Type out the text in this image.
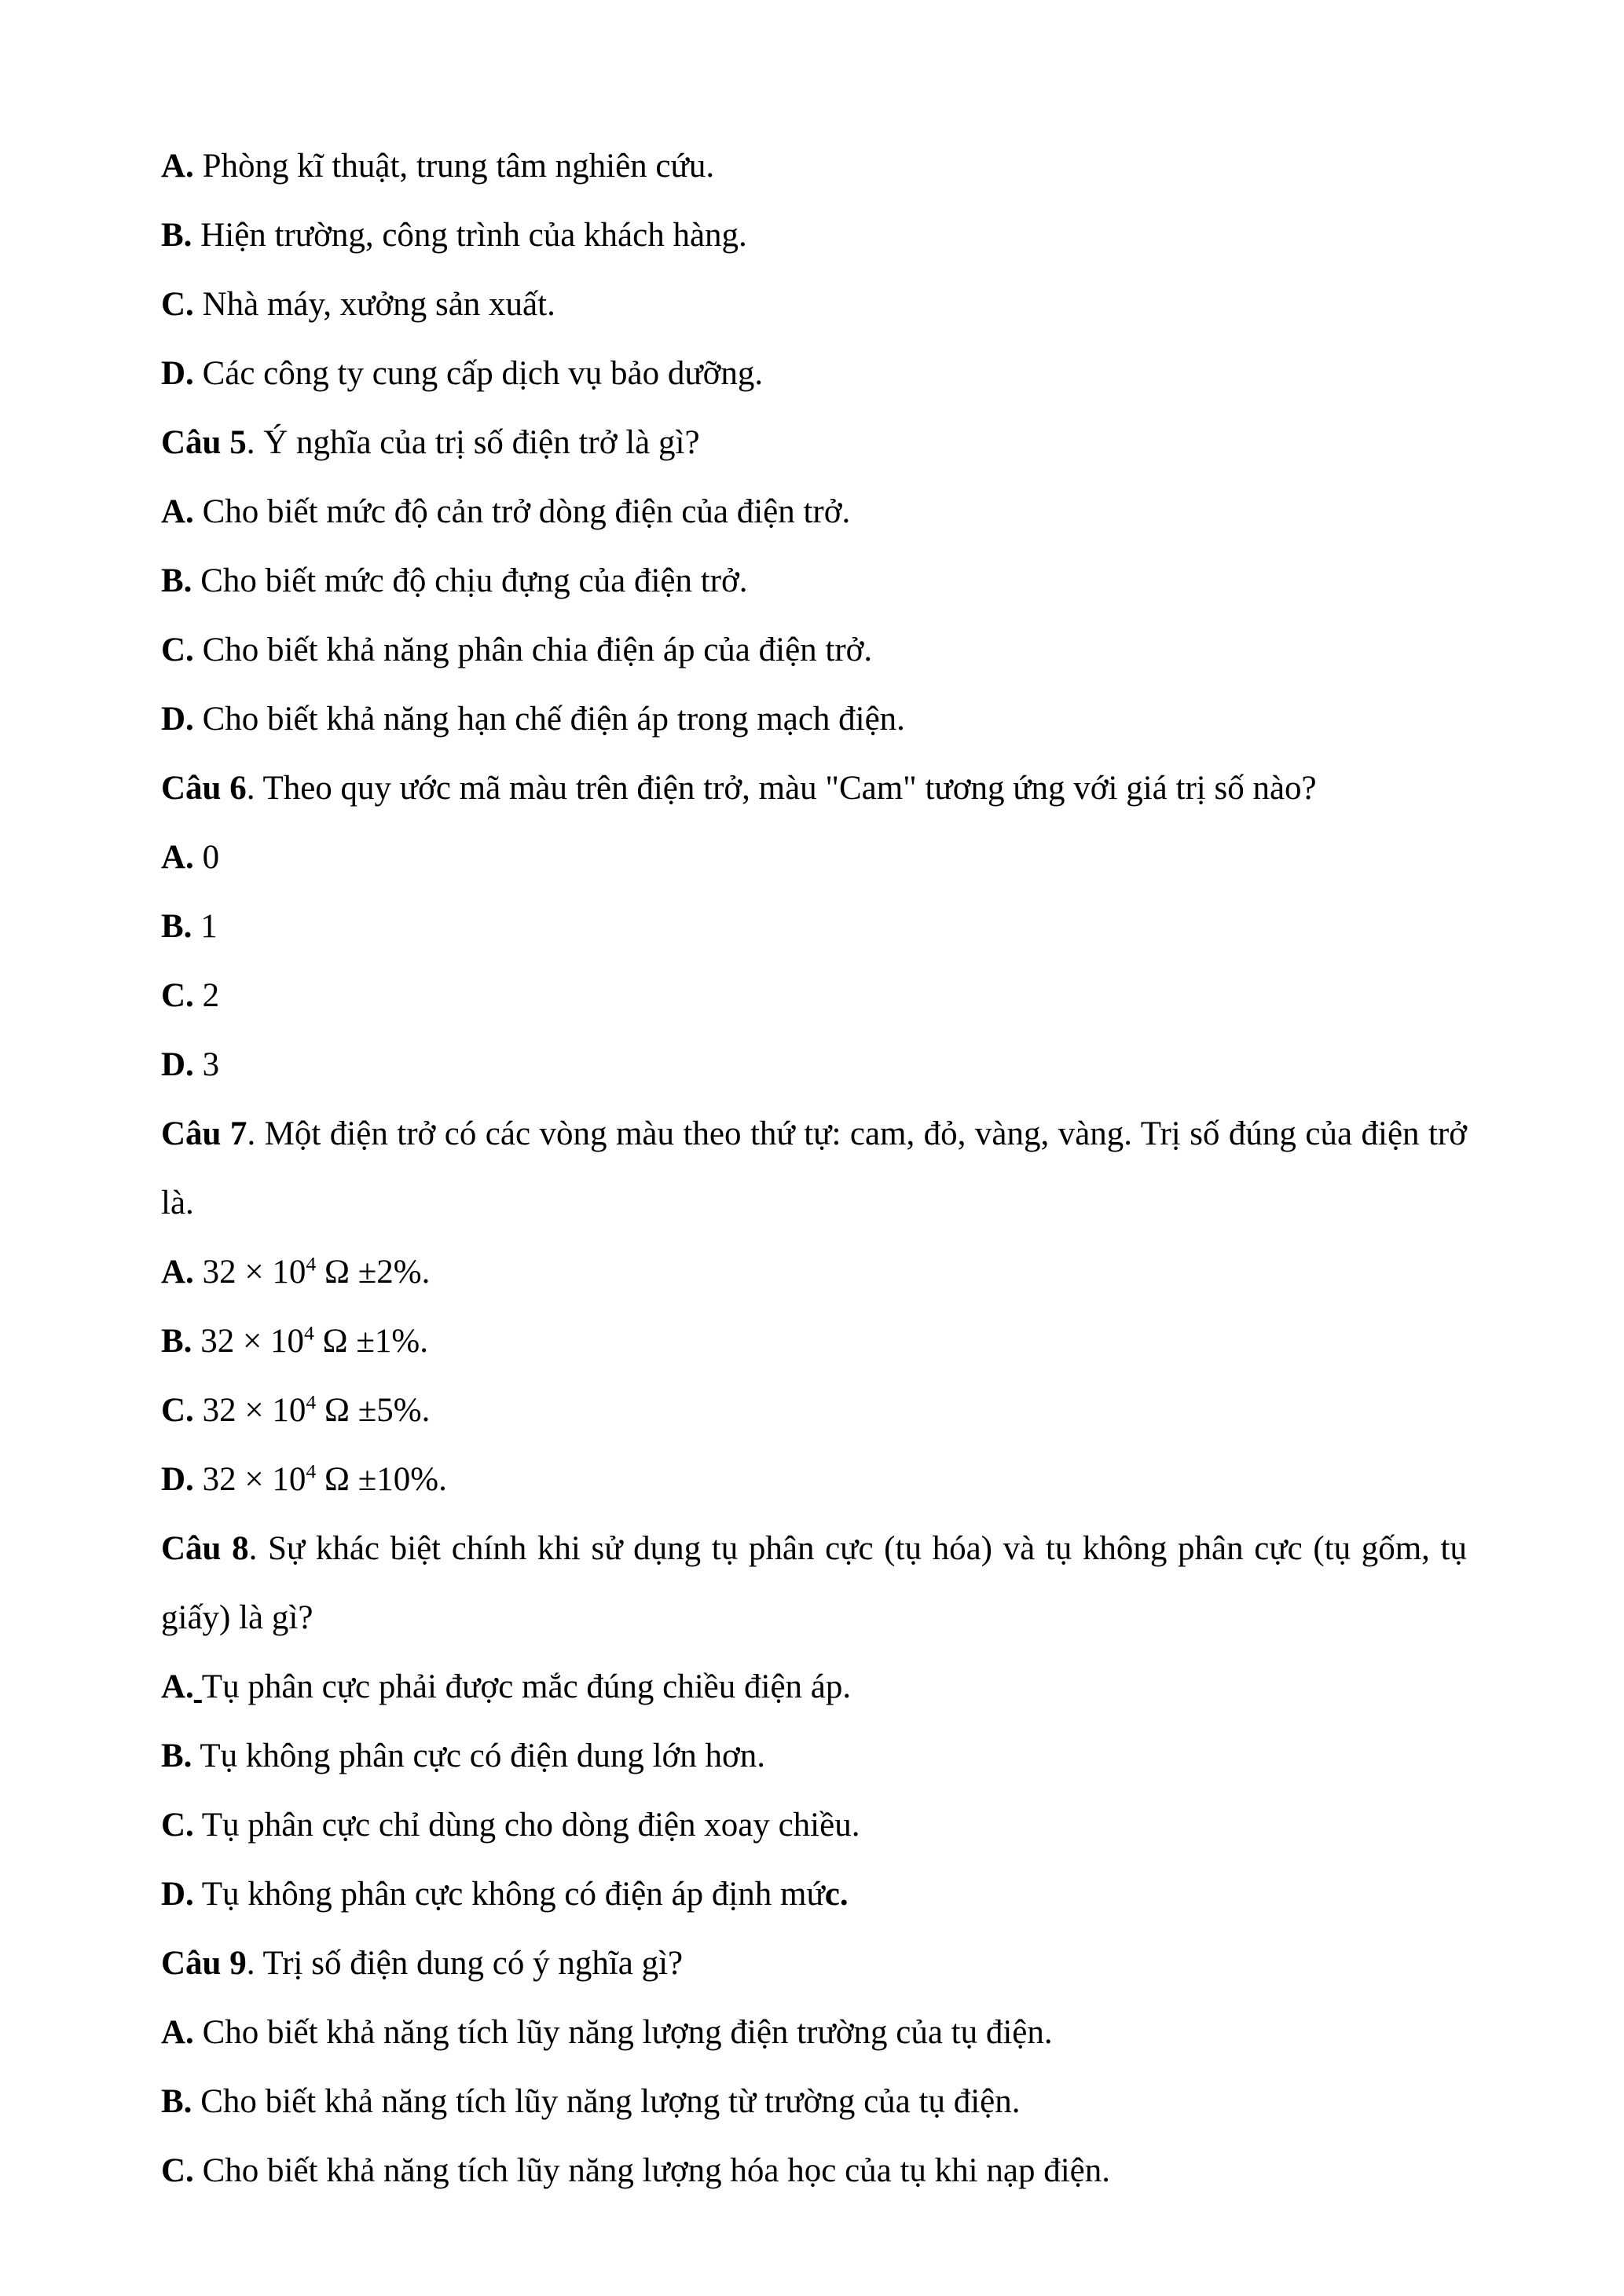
A. Phòng kĩ thuật, trung tâm nghiên cứu.

B. Hiện trường, công trình của khách hàng.

C. Nhà máy, xưởng sản xuất.

D. Các công ty cung cấp dịch vụ bảo dưỡng.

Câu 5. Ý nghĩa của trị số điện trở là gì?

A. Cho biết mức độ cản trở dòng điện của điện trở.

B. Cho biết mức độ chịu đựng của điện trở.

C. Cho biết khả năng phân chia điện áp của điện trở.

D. Cho biết khả năng hạn chế điện áp trong mạch điện.

Câu 6. Theo quy ước mã màu trên điện trở, màu "Cam" tương ứng với giá trị số nào?

A. 0

B. 1

C. 2

D. 3

Câu 7. Một điện trở có các vòng màu theo thứ tự: cam, đỏ, vàng, vàng. Trị số đúng của điện trở là.

A. $32 \times 10^4$ Ω ±2%.

B. $32 \times 10^4$ Ω ±1%.

C. $32 \times 10^4$ Ω ±5%.

D. $32 \times 10^4$ Ω ±10%.

Câu 8. Sự khác biệt chính khi sử dụng tụ phân cực (tụ hóa) và tụ không phân cực (tụ gốm, tụ giấy) là gì?

A. Tụ phân cực phải được mắc đúng chiều điện áp.

B. Tụ không phân cực có điện dung lớn hơn.

C. Tụ phân cực chỉ dùng cho dòng điện xoay chiều.

D. Tụ không phân cực không có điện áp định mức.

Câu 9. Trị số điện dung có ý nghĩa gì?

A. Cho biết khả năng tích lũy năng lượng điện trường của tụ điện.

B. Cho biết khả năng tích lũy năng lượng từ trường của tụ điện.

C. Cho biết khả năng tích lũy năng lượng hóa học của tụ khi nạp điện.
